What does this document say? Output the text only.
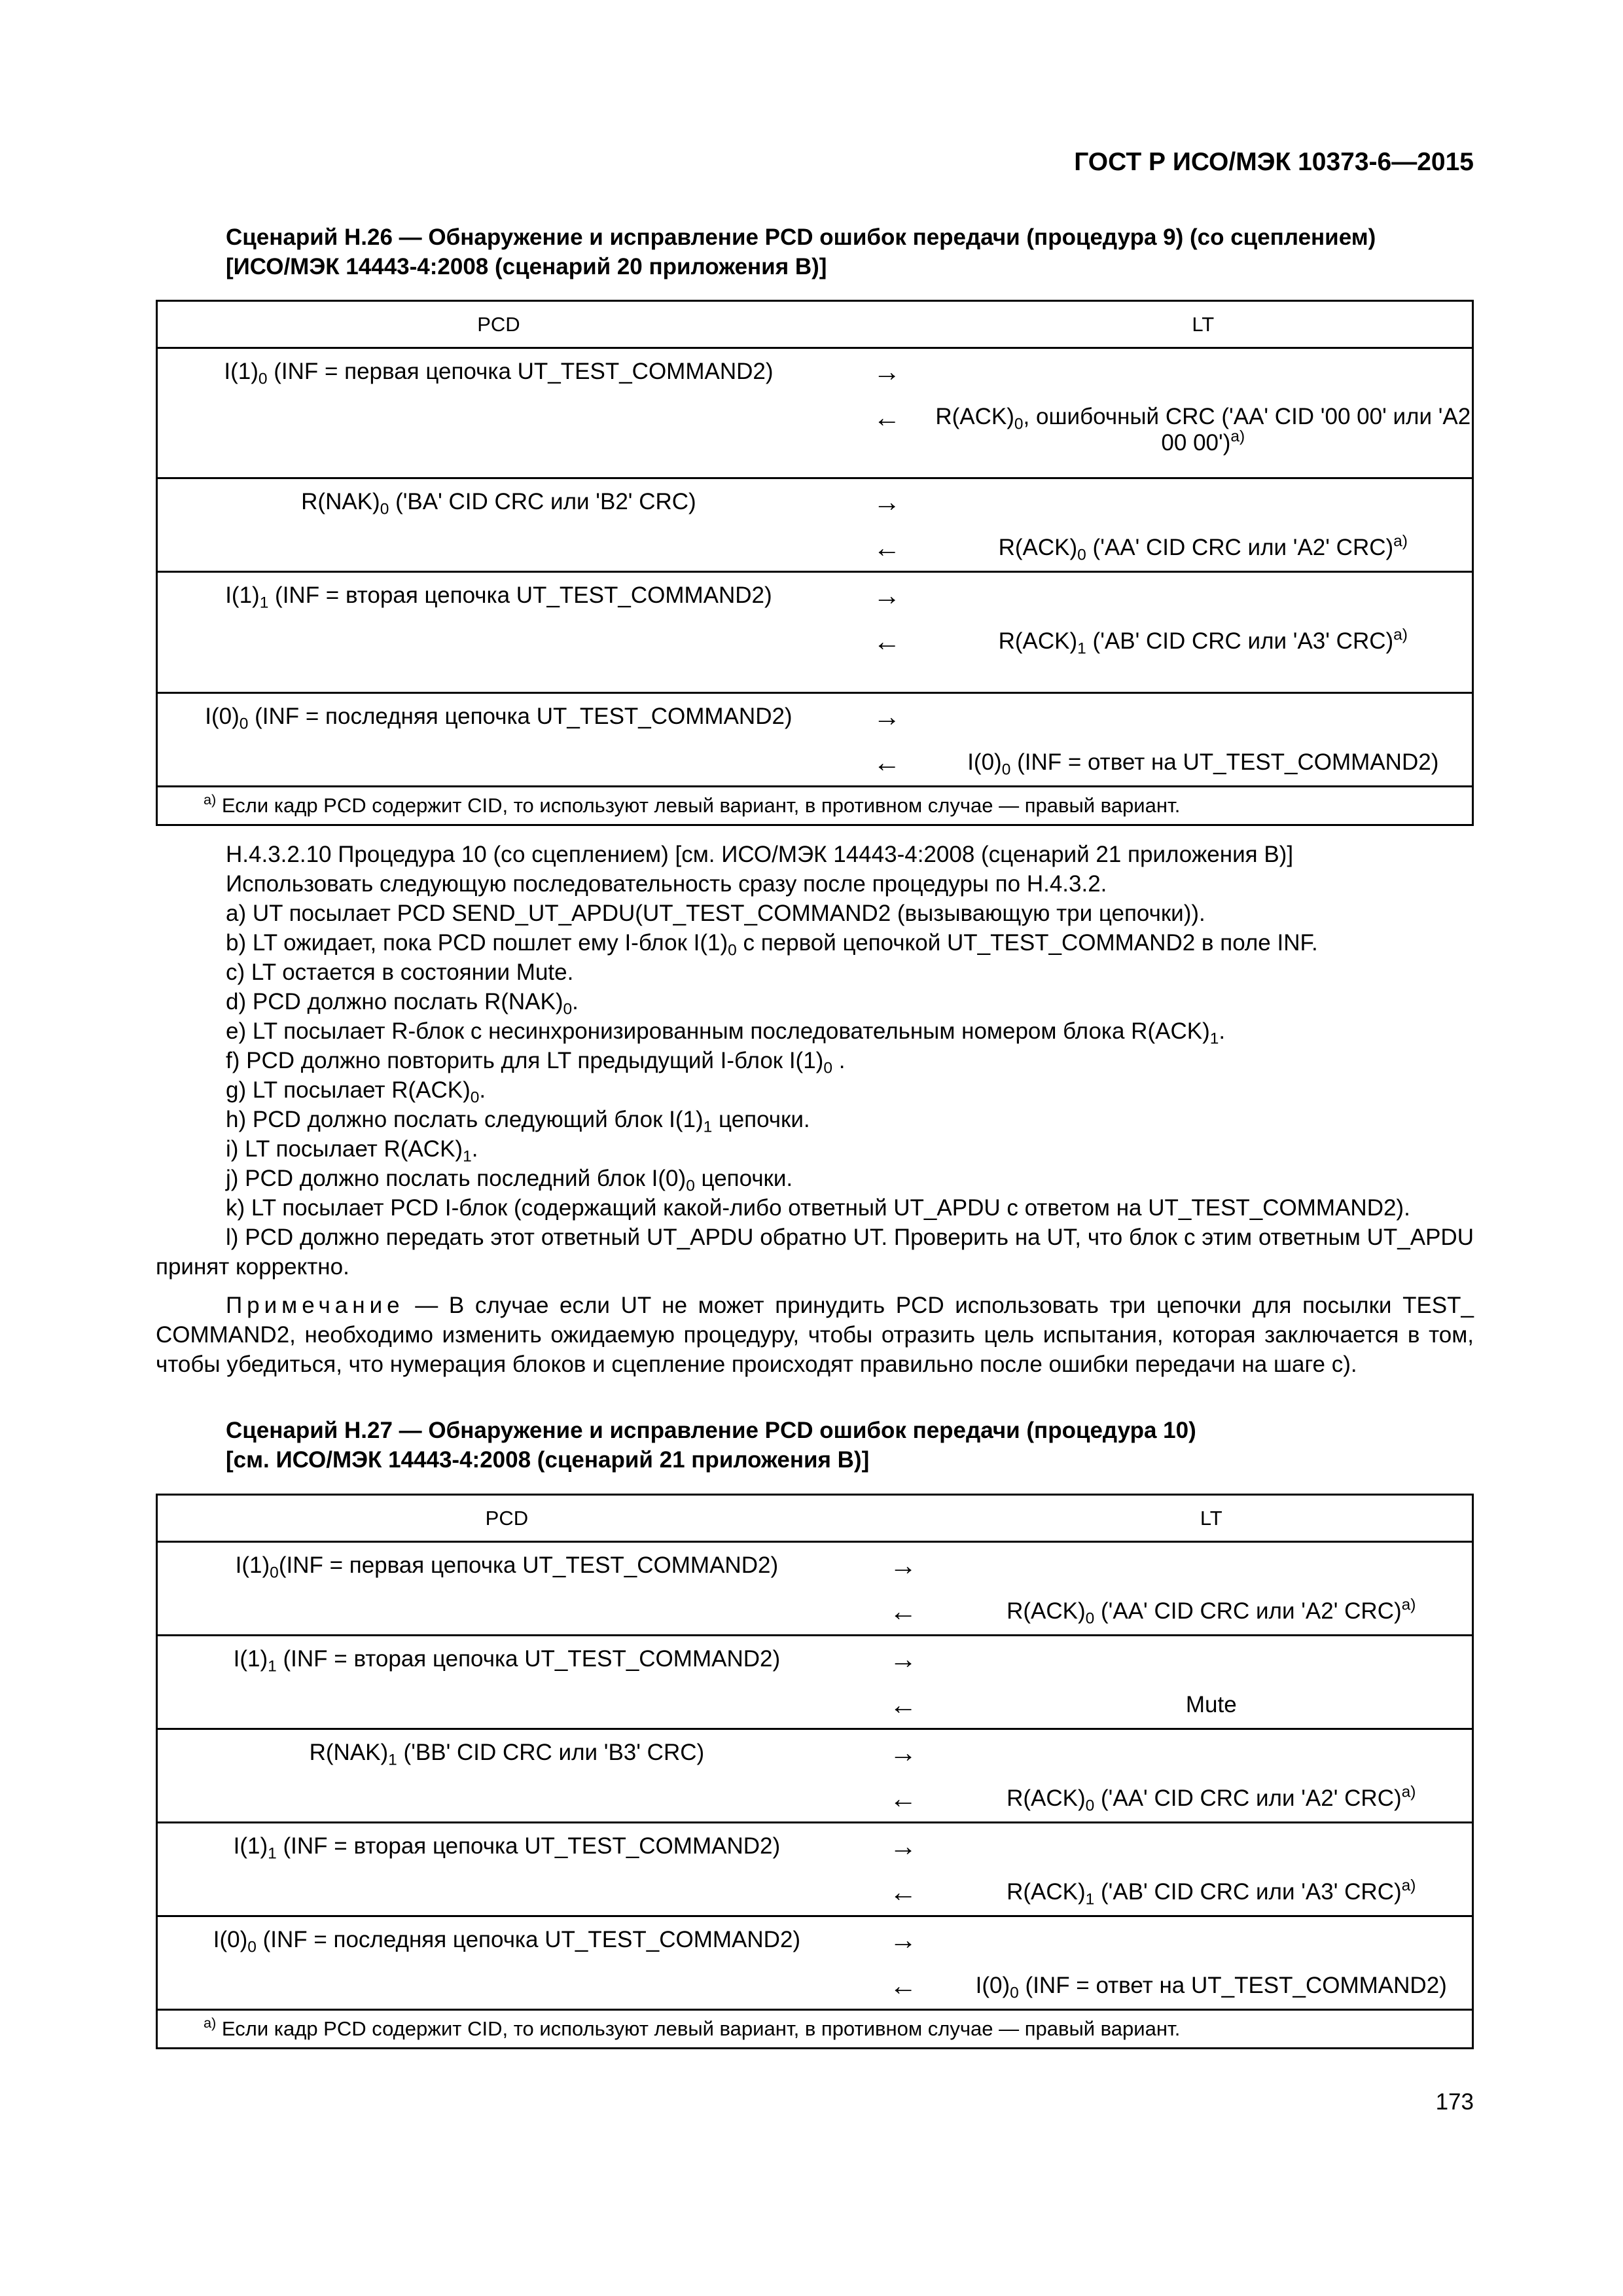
ГОСТ Р ИСО/МЭК 10373-6—2015
Сценарий H.26 — Обнаружение и исправление PCD ошибок передачи (процедура 9) (со сцеплением)
[ИСО/МЭК 14443-4:2008 (сценарий 20 приложения В)]
PCD		LT
$I(1)_0$ (INF = первая цепочка UT_TEST_COMMAND2)	→	
	←	$R(ACK)_0$, ошибочный CRC ('AA' CID '00 00' или 'A2 00 00')$^{a)}$
$R(NAK)_0$ ('BA' CID CRC или 'B2' CRC)	→	
	←	$R(ACK)_0$ ('AA' CID CRC или 'A2' CRC)$^{a)}$
$I(1)_1$ (INF = вторая цепочка UT_TEST_COMMAND2)	→	
	←	$R(ACK)_1$ ('AB' CID CRC или 'A3' CRC)$^{a)}$
$I(0)_0$ (INF = последняя цепочка UT_TEST_COMMAND2)	→	
	←	$I(0)_0$ (INF = ответ на UT_TEST_COMMAND2)
$^{a)}$ Если кадр PCD содержит CID, то используют левый вариант, в противном случае — правый вариант.		

H.4.3.2.10 Процедура 10 (со сцеплением) [см. ИСО/МЭК 14443-4:2008 (сценарий 21 приложения В)]

Использовать следующую последовательность сразу после процедуры по H.4.3.2.

a) UT посылает PCD SEND_UT_APDU(UT_TEST_COMMAND2 (вызывающую три цепочки)).

b) LT ожидает, пока PCD пошлет ему I-блок $I(1)_0$ с первой цепочкой UT_TEST_COMMAND2 в поле INF.

c) LT остается в состоянии Mute.

d) PCD должно послать $R(NAK)_0$.

e) LT посылает R-блок с несинхронизированным последовательным номером блока $R(ACK)_1$.

f) PCD должно повторить для LT предыдущий I-блок $I(1)_0$ .

g) LT посылает $R(ACK)_0$.

h) PCD должно послать следующий блок $I(1)_1$ цепочки.

i) LT посылает $R(ACK)_1$.

j) PCD должно послать последний блок $I(0)_0$ цепочки.

k) LT посылает PCD I-блок (содержащий какой-либо ответный UT_APDU с ответом на UT_TEST_COMMAND2).

l) PCD должно передать этот ответный UT_APDU обратно UT. Проверить на UT, что блок с этим ответным UT_APDU принят корректно.

Примечание — В случае если UT не может принудить PCD использовать три цепочки для посылки TEST_ COMMAND2, необходимо изменить ожидаемую процедуру, чтобы отразить цель испытания, которая заключается в том, чтобы убедиться, что нумерация блоков и сцепление происходят правильно после ошибки передачи на шаге c).

Сценарий H.27 — Обнаружение и исправление PCD ошибок передачи (процедура 10)
[см. ИСО/МЭК 14443-4:2008 (сценарий 21 приложения В)]
PCD		LT
$I(1)_0(INF$ = первая цепочка UT_TEST_COMMAND2)	→	
	←	$R(ACK)_0$ ('AA' CID CRC или 'A2' CRC)$^{a)}$
$I(1)_1$ (INF = вторая цепочка UT_TEST_COMMAND2)	→	
	←	Mute
$R(NAK)_1$ ('BB' CID CRC или 'B3' CRC)	→	
	←	$R(ACK)_0$ ('AA' CID CRC или 'A2' CRC)$^{a)}$
$I(1)_1$ (INF = вторая цепочка UT_TEST_COMMAND2)	→	
	←	$R(ACK)_1$ ('AB' CID CRC или 'A3' CRC)$^{a)}$
$I(0)_0$ (INF = последняя цепочка UT_TEST_COMMAND2)	→	
	←	$I(0)_0$ (INF = ответ на UT_TEST_COMMAND2)
$^{a)}$ Если кадр PCD содержит CID, то используют левый вариант, в противном случае — правый вариант.		
173
